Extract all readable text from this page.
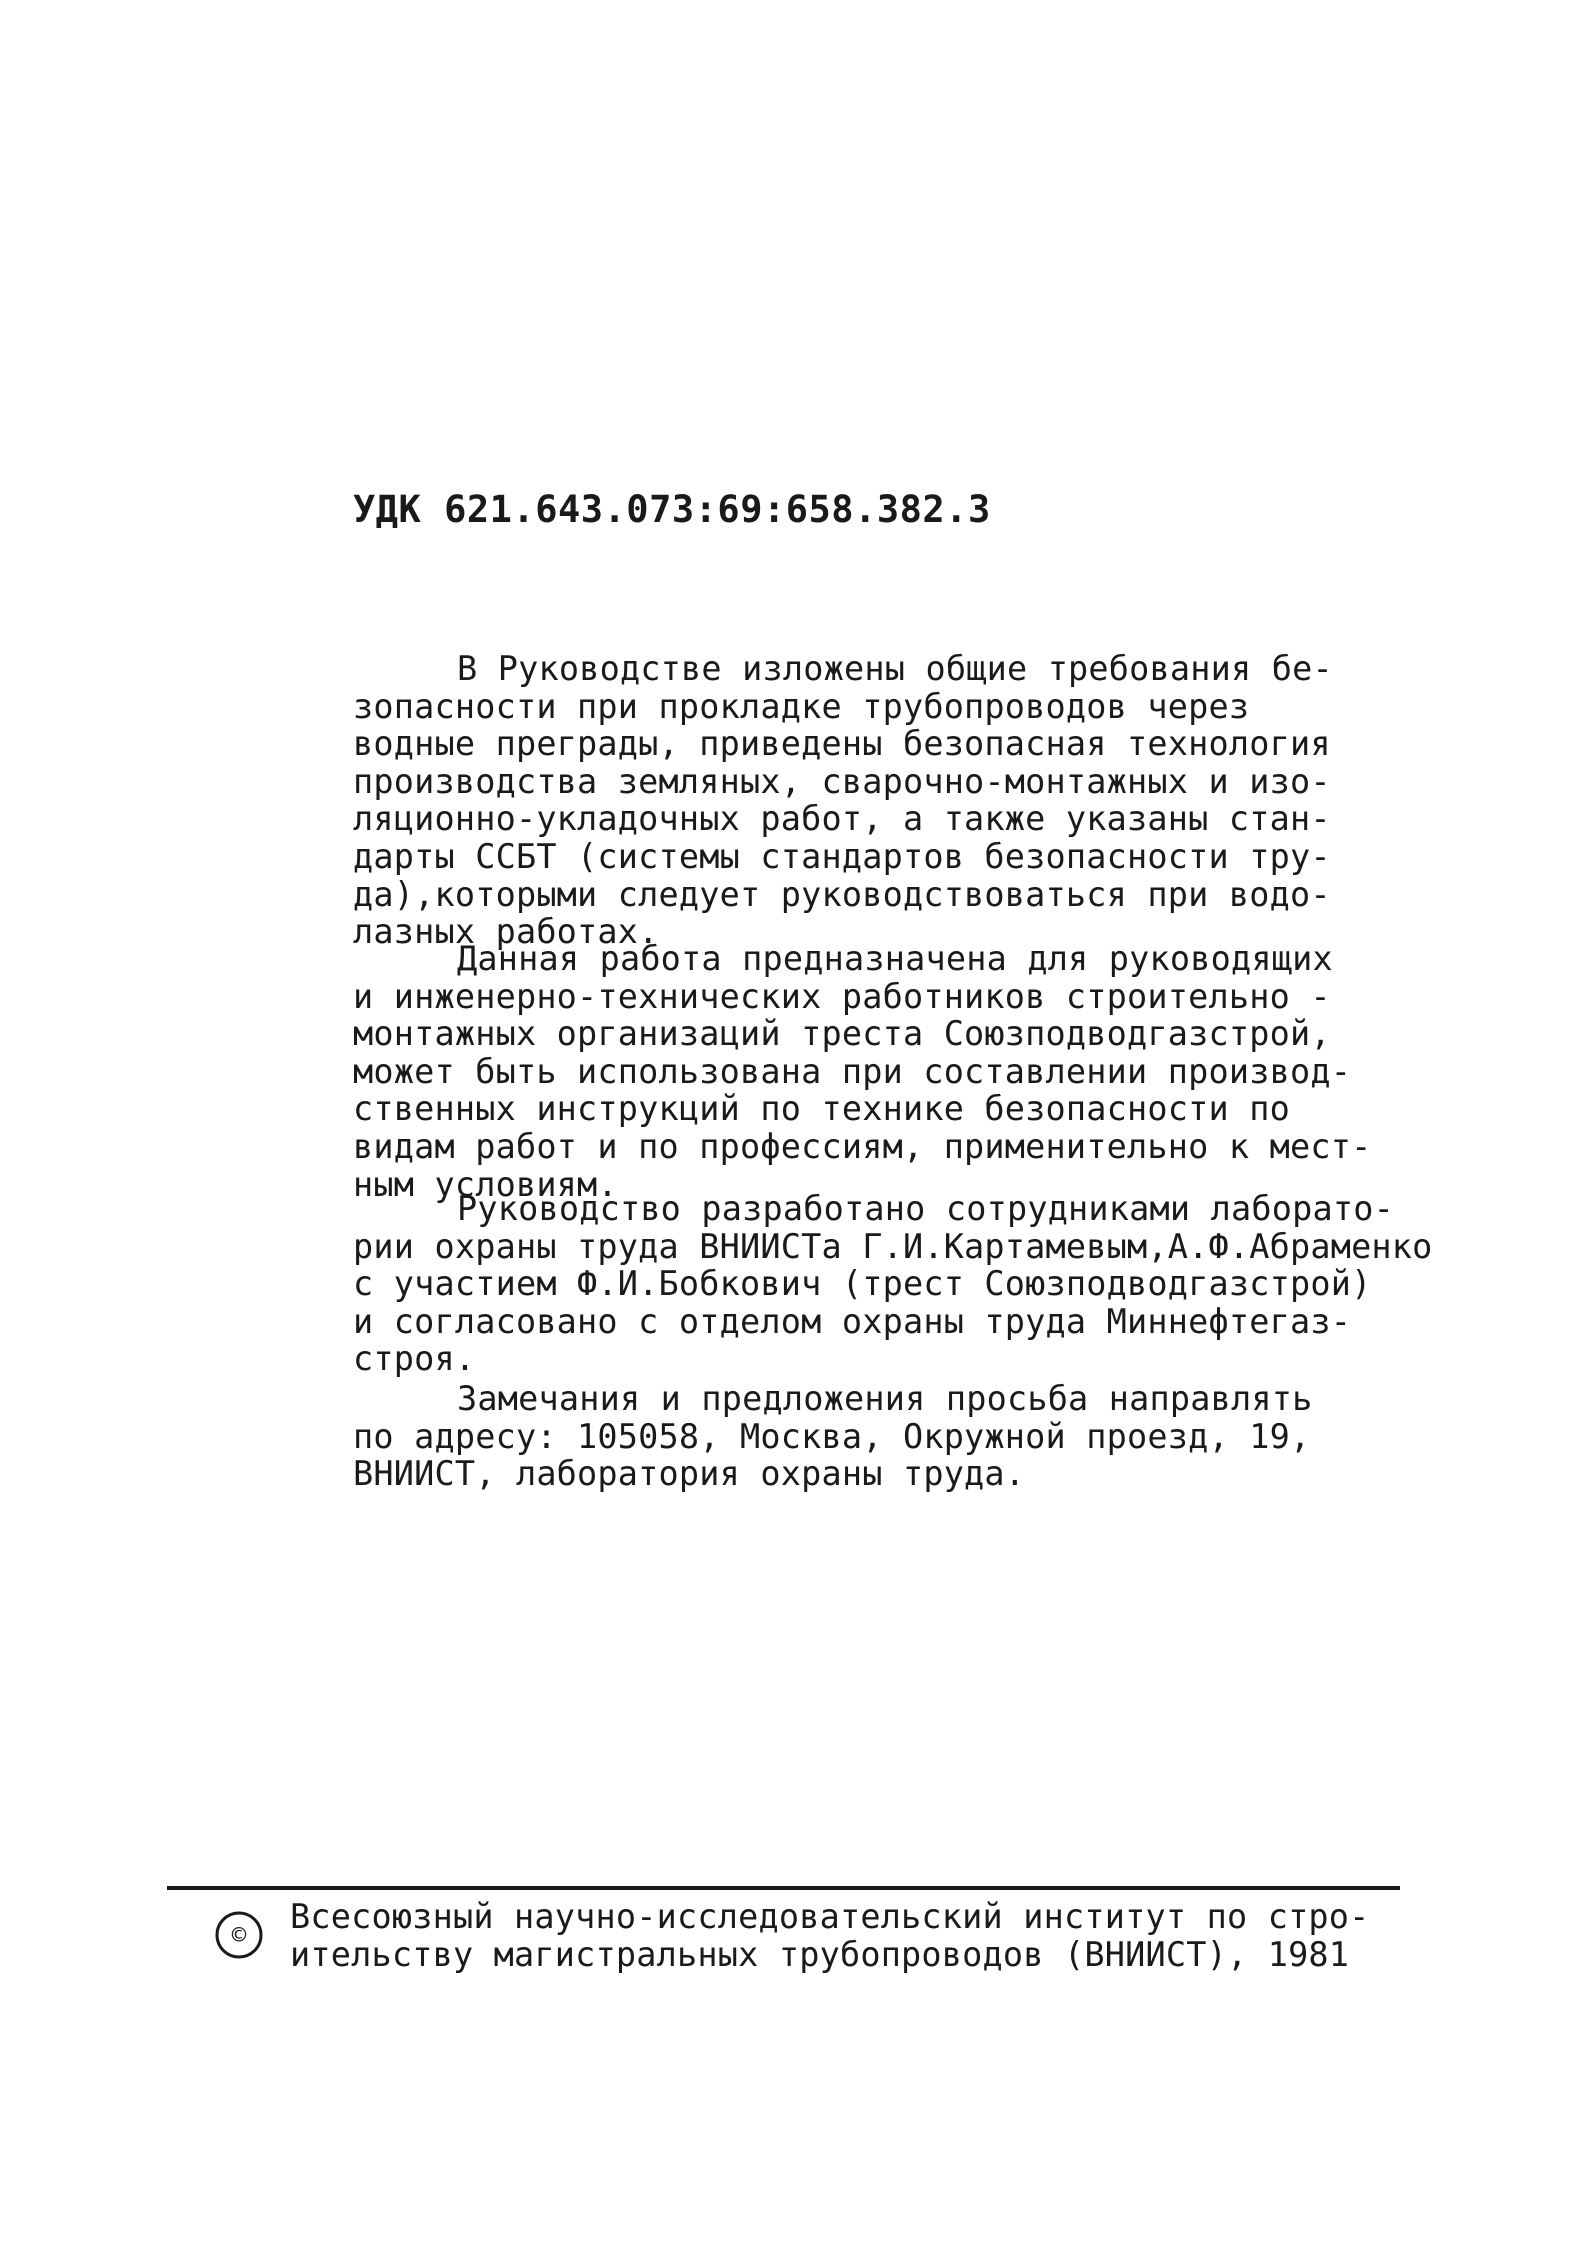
УДК 621.643.073:69:658.382.3
В Руководстве изложены общие требования бе-
зопасности при прокладке трубопроводов через
водные преграды, приведены безопасная технология
производства земляных, сварочно-монтажных и изо-
ляционно-укладочных работ, а также указаны стан-
дарты ССБТ (системы стандартов безопасности тру-
да),которыми следует руководствоваться при водо-
лазных работах.
Данная работа предназначена для руководящих
и инженерно-технических работников строительно -
монтажных организаций треста Союзподводгазстрой,
может быть использована при составлении производ-
ственных инструкций по технике безопасности по
видам работ и по профессиям, применительно к мест-
ным условиям.
Руководство разработано сотрудниками лаборато-
рии охраны труда ВНИИСТа Г.И.Картамевым,А.Ф.Абраменко
с участием Ф.И.Бобкович (трест Союзподводгазстрой)
и согласовано с отделом охраны труда Миннефтегаз-
строя.
Замечания и предложения просьба направлять
по адресу: 105058, Москва, Окружной проезд, 19,
ВНИИСТ, лаборатория охраны труда.
© Всесоюзный научно-исследовательский институт по стро-
ительству магистральных трубопроводов (ВНИИСТ), 1981
